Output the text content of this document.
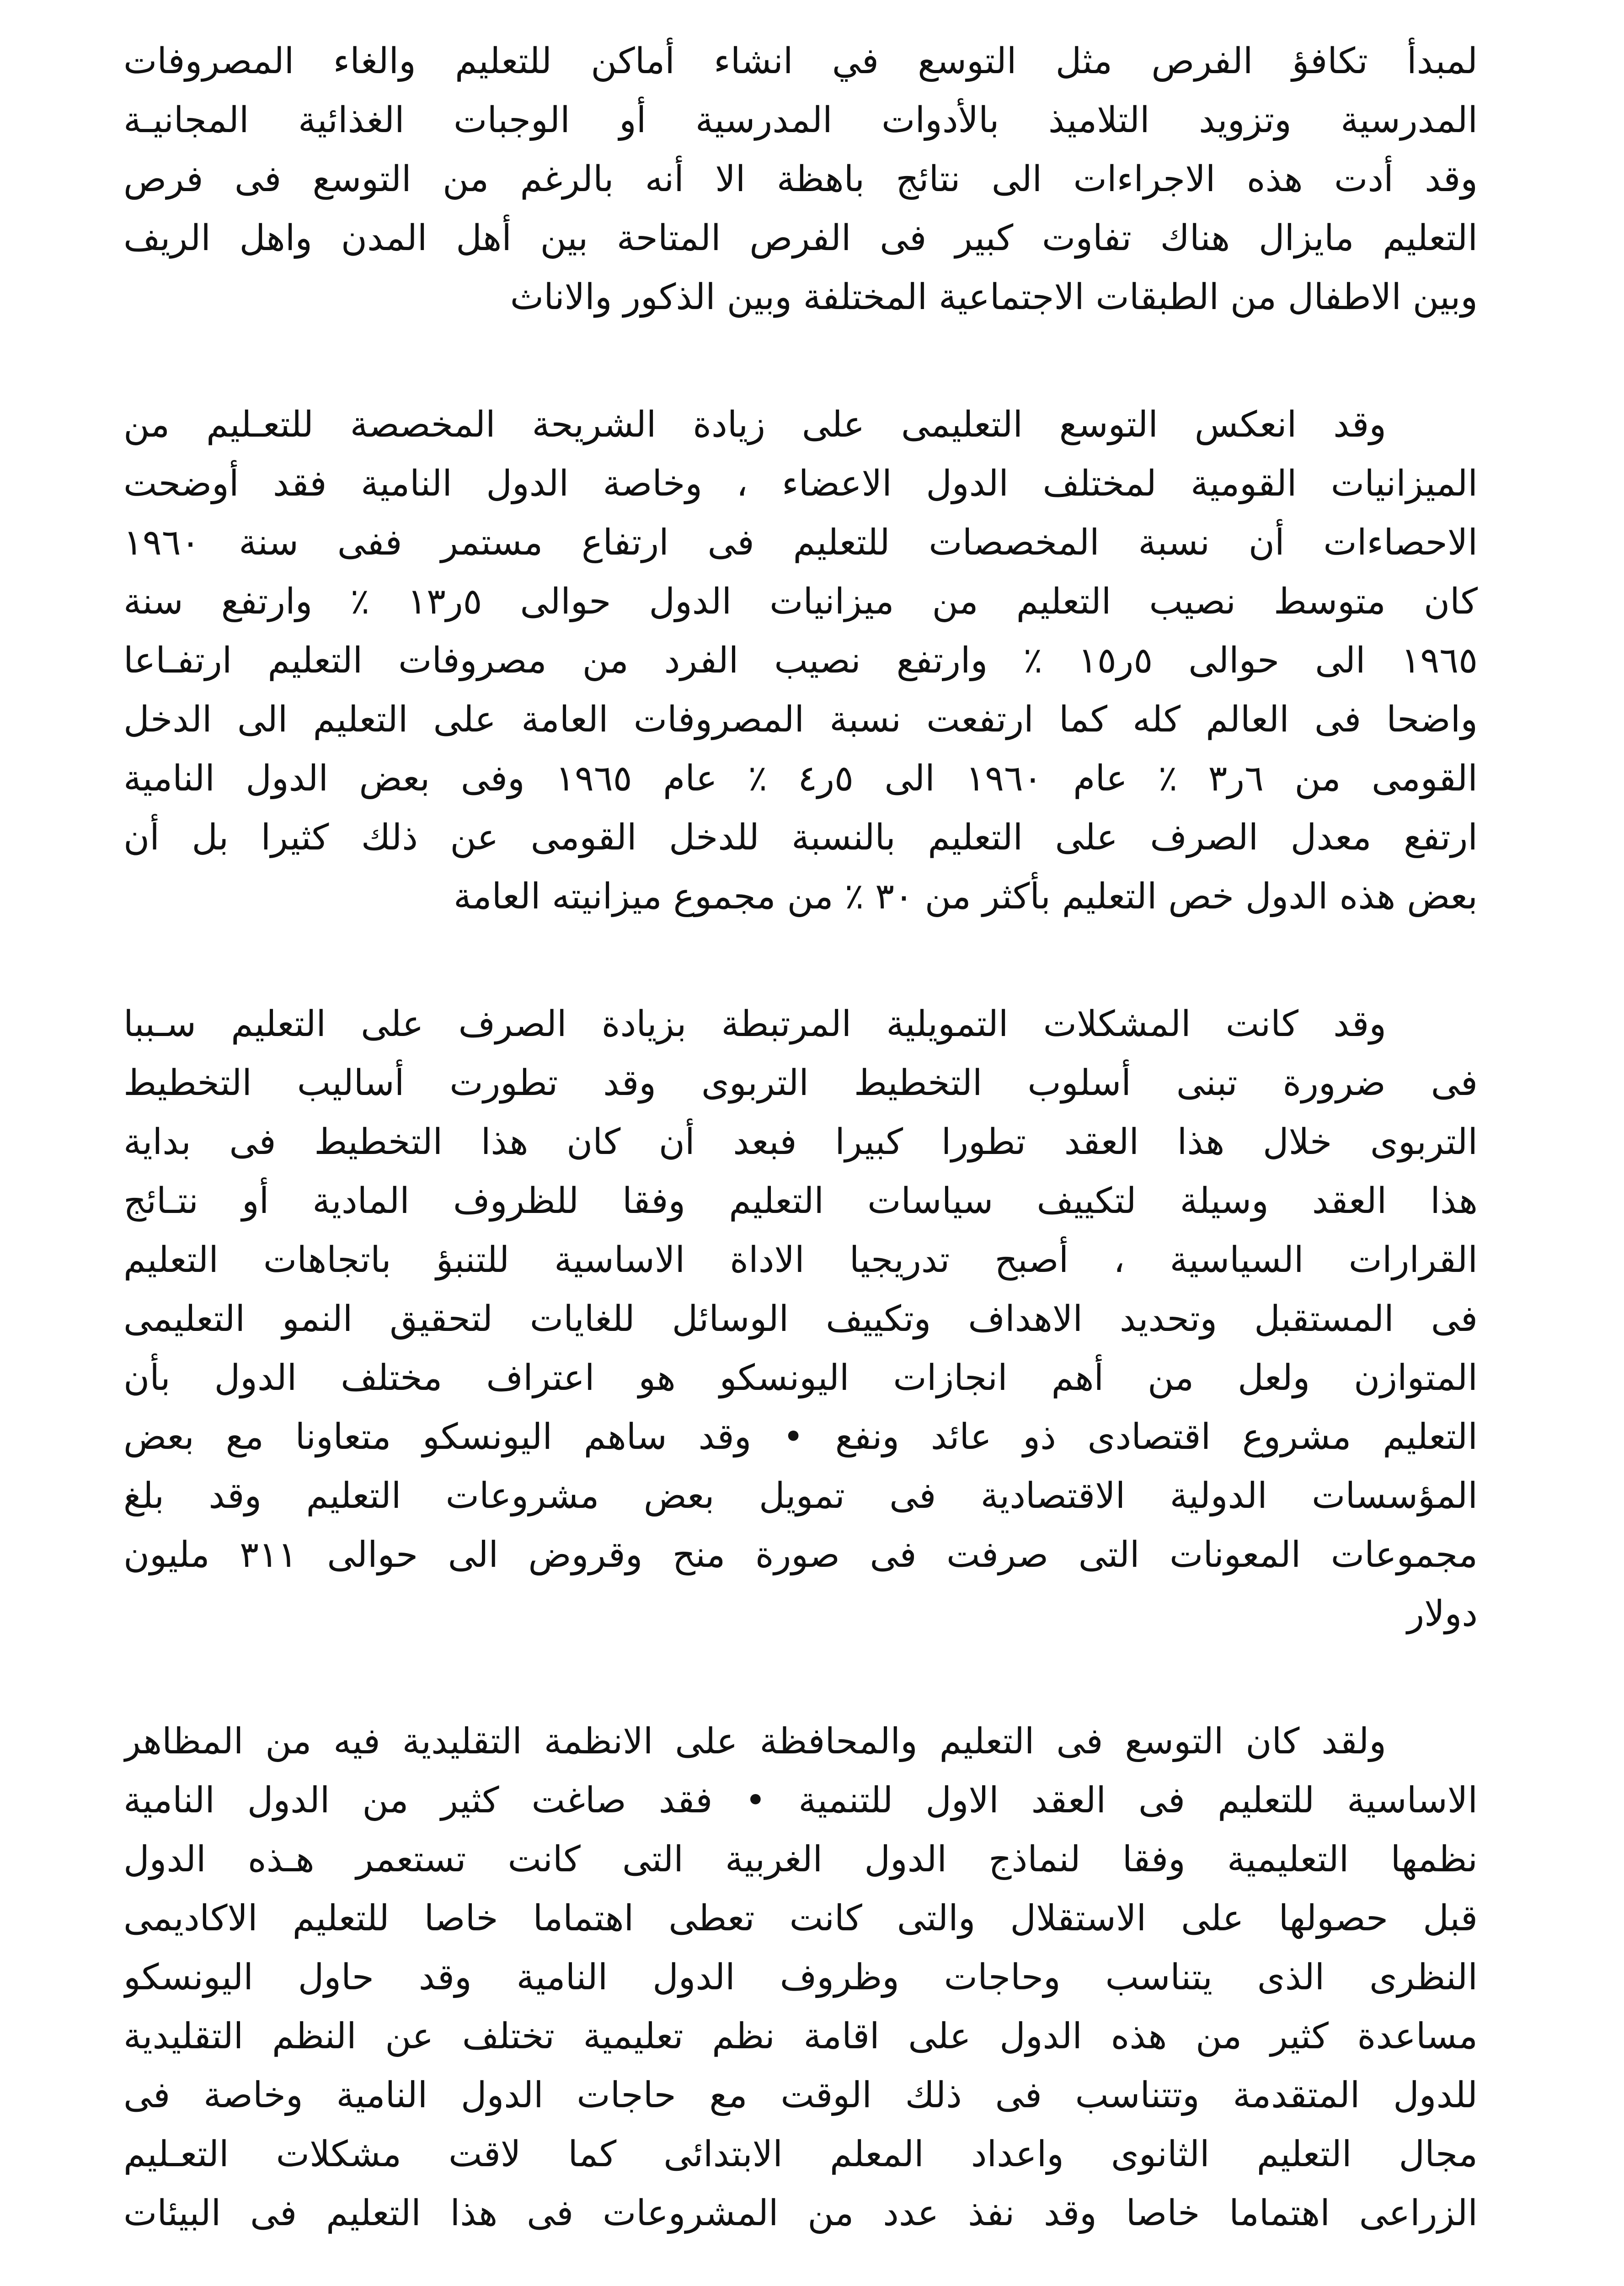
لمبدأ تكافؤ الفرص مثل التوسع في انشاء أماكن للتعليم والغاء المصروفات
المدرسية وتزويد التلاميذ بالأدوات المدرسية أو الوجبات الغذائية المجانيـة
وقد أدت هذه الاجراءات الى نتائج باهظة الا أنه بالرغم من التوسع فى فرص
التعليم مايزال هناك تفاوت كبير فى الفرص المتاحة بين أهل المدن واهل الريف
وبين الاطفال من الطبقات الاجتماعية المختلفة وبين الذكور والاناث
وقد انعكس التوسع التعليمى على زيادة الشريحة المخصصة للتعـليم من
الميزانيات القومية لمختلف الدول الاعضاء ، وخاصة الدول النامية فقد أوضحت
الاحصاءات أن نسبة المخصصات للتعليم فى ارتفاع مستمر ففى سنة ١٩٦٠
كان متوسط نصيب التعليم من ميزانيات الدول حوالى ٥ر١٣ ٪ وارتفع سنة
١٩٦٥ الى حوالى ٥ر١٥ ٪ وارتفع نصيب الفرد من مصروفات التعليم ارتفـاعا
واضحا فى العالم كله كما ارتفعت نسبة المصروفات العامة على التعليم الى الدخل
القومى من ٦ر٣ ٪ عام ١٩٦٠ الى ٥ر٤ ٪ عام ١٩٦٥ وفى بعض الدول النامية
ارتفع معدل الصرف على التعليم بالنسبة للدخل القومى عن ذلك كثيرا بل أن
بعض هذه الدول خص التعليم بأكثر من ٣٠ ٪ من مجموع ميزانيته العامة
وقد كانت المشكلات التمويلية المرتبطة بزيادة الصرف على التعليم سـببا
فى ضرورة تبنى أسلوب التخطيط التربوى وقد تطورت أساليب التخطيط
التربوى خلال هذا العقد تطورا كبيرا فبعد أن كان هذا التخطيط فى بداية
هذا العقد وسيلة لتكييف سياسات التعليم وفقا للظروف المادية أو نتـائج
القرارات السياسية ، أصبح تدريجيا الاداة الاساسية للتنبؤ باتجاهات التعليم
فى المستقبل وتحديد الاهداف وتكييف الوسائل للغايات لتحقيق النمو التعليمى
المتوازن ولعل من أهم انجازات اليونسكو هو اعتراف مختلف الدول بأن
التعليم مشروع اقتصادى ذو عائد ونفع • وقد ساهم اليونسكو متعاونا مع بعض
المؤسسات الدولية الاقتصادية فى تمويل بعض مشروعات التعليم وقد بلغ
مجموعات المعونات التى صرفت فى صورة منح وقروض الى حوالى ٣١١ مليون
دولار
ولقد كان التوسع فى التعليم والمحافظة على الانظمة التقليدية فيه من المظاهر
الاساسية للتعليم فى العقد الاول للتنمية • فقد صاغت كثير من الدول النامية
نظمها التعليمية وفقا لنماذج الدول الغربية التى كانت تستعمر هـذه الدول
قبل حصولها على الاستقلال والتى كانت تعطى اهتماما خاصا للتعليم الاكاديمى
النظرى الذى يتناسب وحاجات وظروف الدول النامية وقد حاول اليونسكو
مساعدة كثير من هذه الدول على اقامة نظم تعليمية تختلف عن النظم التقليدية
للدول المتقدمة وتتناسب فى ذلك الوقت مع حاجات الدول النامية وخاصة فى
مجال التعليم الثانوى واعداد المعلم الابتدائى كما لاقت مشكلات التعـليم
الزراعى اهتماما خاصا وقد نفذ عدد من المشروعات فى هذا التعليم فى البيئات
